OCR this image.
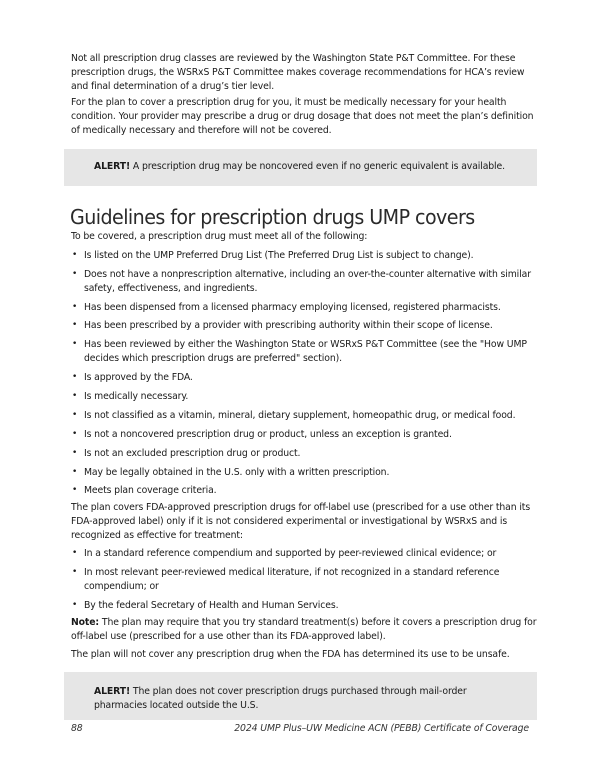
Not all prescription drug classes are reviewed by the Washington State P&T Committee. For these prescription drugs, the WSRxS P&T Committee makes coverage recommendations for HCA’s review and final determination of a drug’s tier level.

For the plan to cover a prescription drug for you, it must be medically necessary for your health condition. Your provider may prescribe a drug or drug dosage that does not meet the plan’s definition of medically necessary and therefore will not be covered.

ALERT! A prescription drug may be noncovered even if no generic equivalent is available.
Guidelines for prescription drugs UMP covers

To be covered, a prescription drug must meet all of the following:

• Is listed on the UMP Preferred Drug List (The Preferred Drug List is subject to change).
• Does not have a nonprescription alternative, including an over-the-counter alternative with similar safety, effectiveness, and ingredients.
• Has been dispensed from a licensed pharmacy employing licensed, registered pharmacists.
• Has been prescribed by a provider with prescribing authority within their scope of license.
• Has been reviewed by either the Washington State or WSRxS P&T Committee (see the "How UMP decides which prescription drugs are preferred" section).
• Is approved by the FDA.
• Is medically necessary.
• Is not classified as a vitamin, mineral, dietary supplement, homeopathic drug, or medical food.
• Is not a noncovered prescription drug or product, unless an exception is granted.
• Is not an excluded prescription drug or product.
• May be legally obtained in the U.S. only with a written prescription.
• Meets plan coverage criteria.

The plan covers FDA-approved prescription drugs for off-label use (prescribed for a use other than its FDA-approved label) only if it is not considered experimental or investigational by WSRxS and is recognized as effective for treatment:

• In a standard reference compendium and supported by peer-reviewed clinical evidence; or
• In most relevant peer-reviewed medical literature, if not recognized in a standard reference compendium; or
• By the federal Secretary of Health and Human Services.

Note: The plan may require that you try standard treatment(s) before it covers a prescription drug for off-label use (prescribed for a use other than its FDA-approved label).

The plan will not cover any prescription drug when the FDA has determined its use to be unsafe.

ALERT! The plan does not cover prescription drugs purchased through mail-order pharmacies located outside the U.S.
88	2024 UMP Plus–UW Medicine ACN (PEBB) Certificate of Coverage
